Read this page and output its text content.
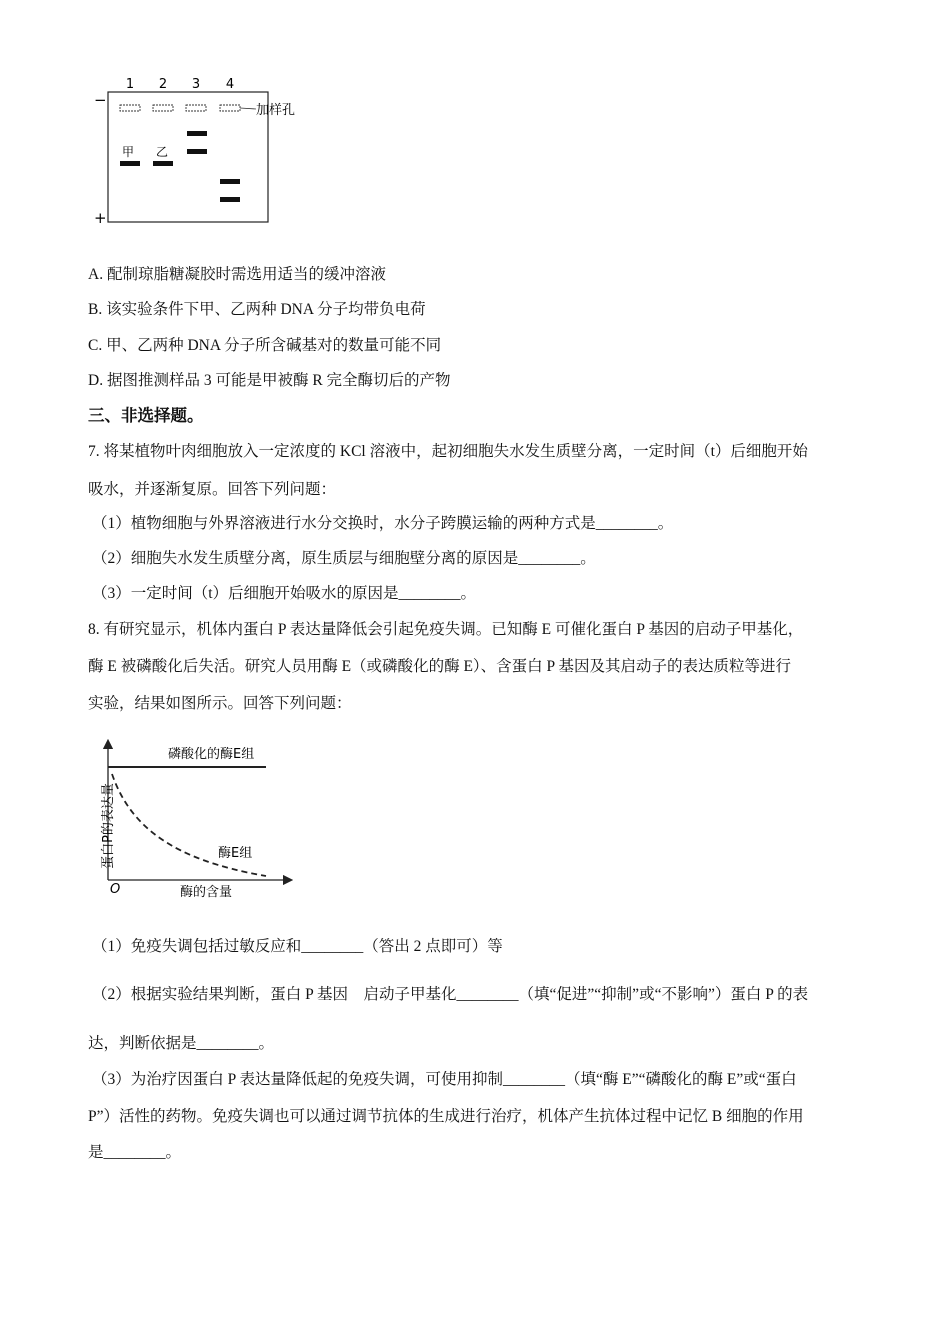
1 2 3 4
−
+
加样孔
甲 乙
A. 配制琼脂糖凝胶时需选用适当的缓冲溶液
B. 该实验条件下甲、乙两种 DNA 分子均带负电荷
C. 甲、乙两种 DNA 分子所含碱基对的数量可能不同
D. 据图推测样品 3 可能是甲被酶 R 完全酶切后的产物
三、非选择题。
7. 将某植物叶肉细胞放入一定浓度的 KCl 溶液中，起初细胞失水发生质壁分离，一定时间（t）后细胞开始
吸水，并逐渐复原。回答下列问题：
（1）植物细胞与外界溶液进行水分交换时，水分子跨膜运输的两种方式是________。
（2）细胞失水发生质壁分离，原生质层与细胞壁分离的原因是________。
（3）一定时间（t）后细胞开始吸水的原因是________。
8. 有研究显示，机体内蛋白 P 表达量降低会引起免疫失调。已知酶 E 可催化蛋白 P 基因的启动子甲基化，
酶 E 被磷酸化后失活。研究人员用酶 E（或磷酸化的酶 E）、含蛋白 P 基因及其启动子的表达质粒等进行
实验，结果如图所示。回答下列问题：
O	酶的含量
蛋白P的表达量
磷酸化的酶E组
酶E组
（1）免疫失调包括过敏反应和________（答出 2 点即可）等
（2）根据实验结果判断，蛋白 P 基因　启动子甲基化________（填“促进”“抑制”或“不影响”）蛋白 P 的表
达，判断依据是________。
（3）为治疗因蛋白 P 表达量降低起的免疫失调，可使用抑制________（填“酶 E”“磷酸化的酶 E”或“蛋白
P”）活性的药物。免疫失调也可以通过调节抗体的生成进行治疗，机体产生抗体过程中记忆 B 细胞的作用
是________。
